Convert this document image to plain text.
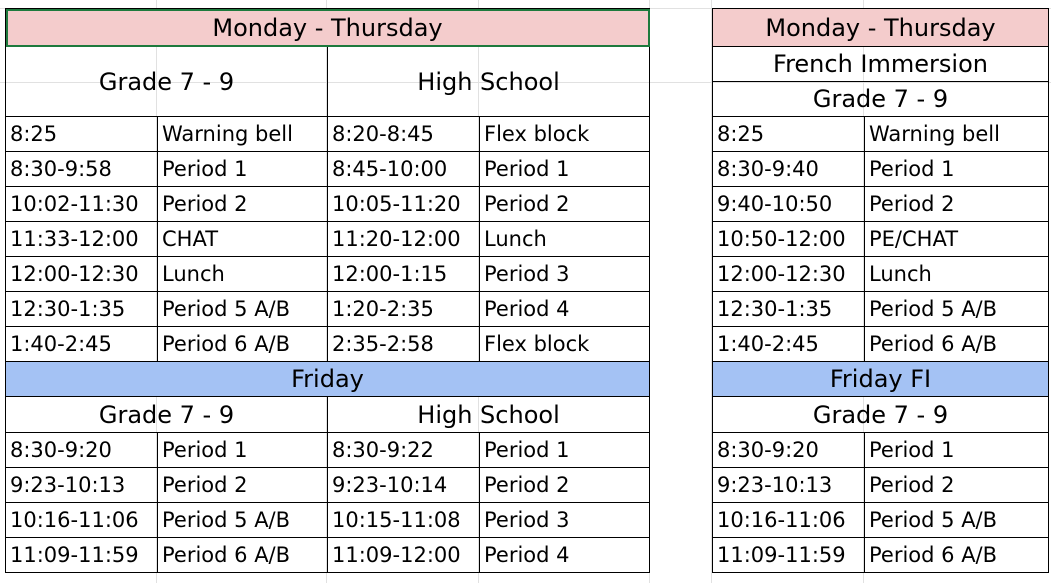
Monday - Thursday			
Grade 7 - 9		High School	
8:25	Warning bell	8:20-8:45	Flex block
8:30-9:58	Period 1	8:45-10:00	Period 1
10:02-11:30	Period 2	10:05-11:20	Period 2
11:33-12:00	CHAT	11:20-12:00	Lunch
12:00-12:30	Lunch	12:00-1:15	Period 3
12:30-1:35	Period 5 A/B	1:20-2:35	Period 4
1:40-2:45	Period 6 A/B	2:35-2:58	Flex block
Friday			
Grade 7 - 9		High School	
8:30-9:20	Period 1	8:30-9:22	Period 1
9:23-10:13	Period 2	9:23-10:14	Period 2
10:16-11:06	Period 5 A/B	10:15-11:08	Period 3
11:09-11:59	Period 6 A/B	11:09-12:00	Period 4
Monday - Thursday	
French Immersion	
Grade 7 - 9	
8:25	Warning bell
8:30-9:40	Period 1
9:40-10:50	Period 2
10:50-12:00	PE/CHAT
12:00-12:30	Lunch
12:30-1:35	Period 5 A/B
1:40-2:45	Period 6 A/B
Friday FI	
Grade 7 - 9	
8:30-9:20	Period 1
9:23-10:13	Period 2
10:16-11:06	Period 5 A/B
11:09-11:59	Period 6 A/B
